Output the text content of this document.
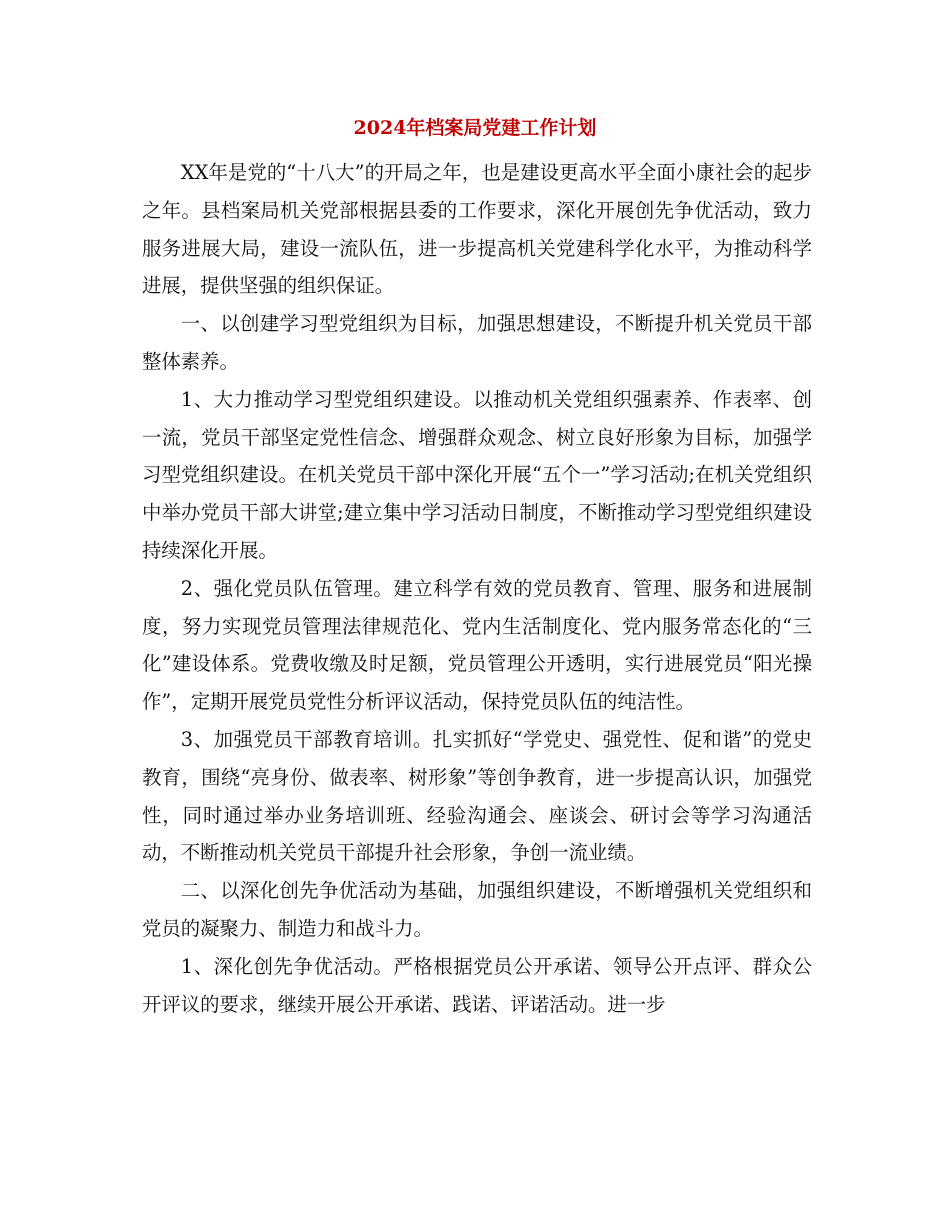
2024年档案局党建工作计划

XX年是党的“十八大”的开局之年，也是建设更高水平全面小康社会的起步之年。县档案局机关党部根据县委的工作要求，深化开展创先争优活动，致力服务进展大局，建设一流队伍，进一步提高机关党建科学化水平，为推动科学进展，提供坚强的组织保证。

一、以创建学习型党组织为目标，加强思想建设，不断提升机关党员干部整体素养。

1、大力推动学习型党组织建设。以推动机关党组织强素养、作表率、创一流，党员干部坚定党性信念、增强群众观念、树立良好形象为目标，加强学习型党组织建设。在机关党员干部中深化开展“五个一”学习活动;在机关党组织中举办党员干部大讲堂;建立集中学习活动日制度，不断推动学习型党组织建设持续深化开展。

2、强化党员队伍管理。建立科学有效的党员教育、管理、服务和进展制度，努力实现党员管理法律规范化、党内生活制度化、党内服务常态化的“三化”建设体系。党费收缴及时足额，党员管理公开透明，实行进展党员“阳光操作”，定期开展党员党性分析评议活动，保持党员队伍的纯洁性。

3、加强党员干部教育培训。扎实抓好“学党史、强党性、促和谐”的党史教育，围绕“亮身份、做表率、树形象”等创争教育，进一步提高认识，加强党性，同时通过举办业务培训班、经验沟通会、座谈会、研讨会等学习沟通活动，不断推动机关党员干部提升社会形象，争创一流业绩。

二、以深化创先争优活动为基础，加强组织建设，不断增强机关党组织和党员的凝聚力、制造力和战斗力。

1、深化创先争优活动。严格根据党员公开承诺、领导公开点评、群众公开评议的要求，继续开展公开承诺、践诺、评诺活动。进一步
